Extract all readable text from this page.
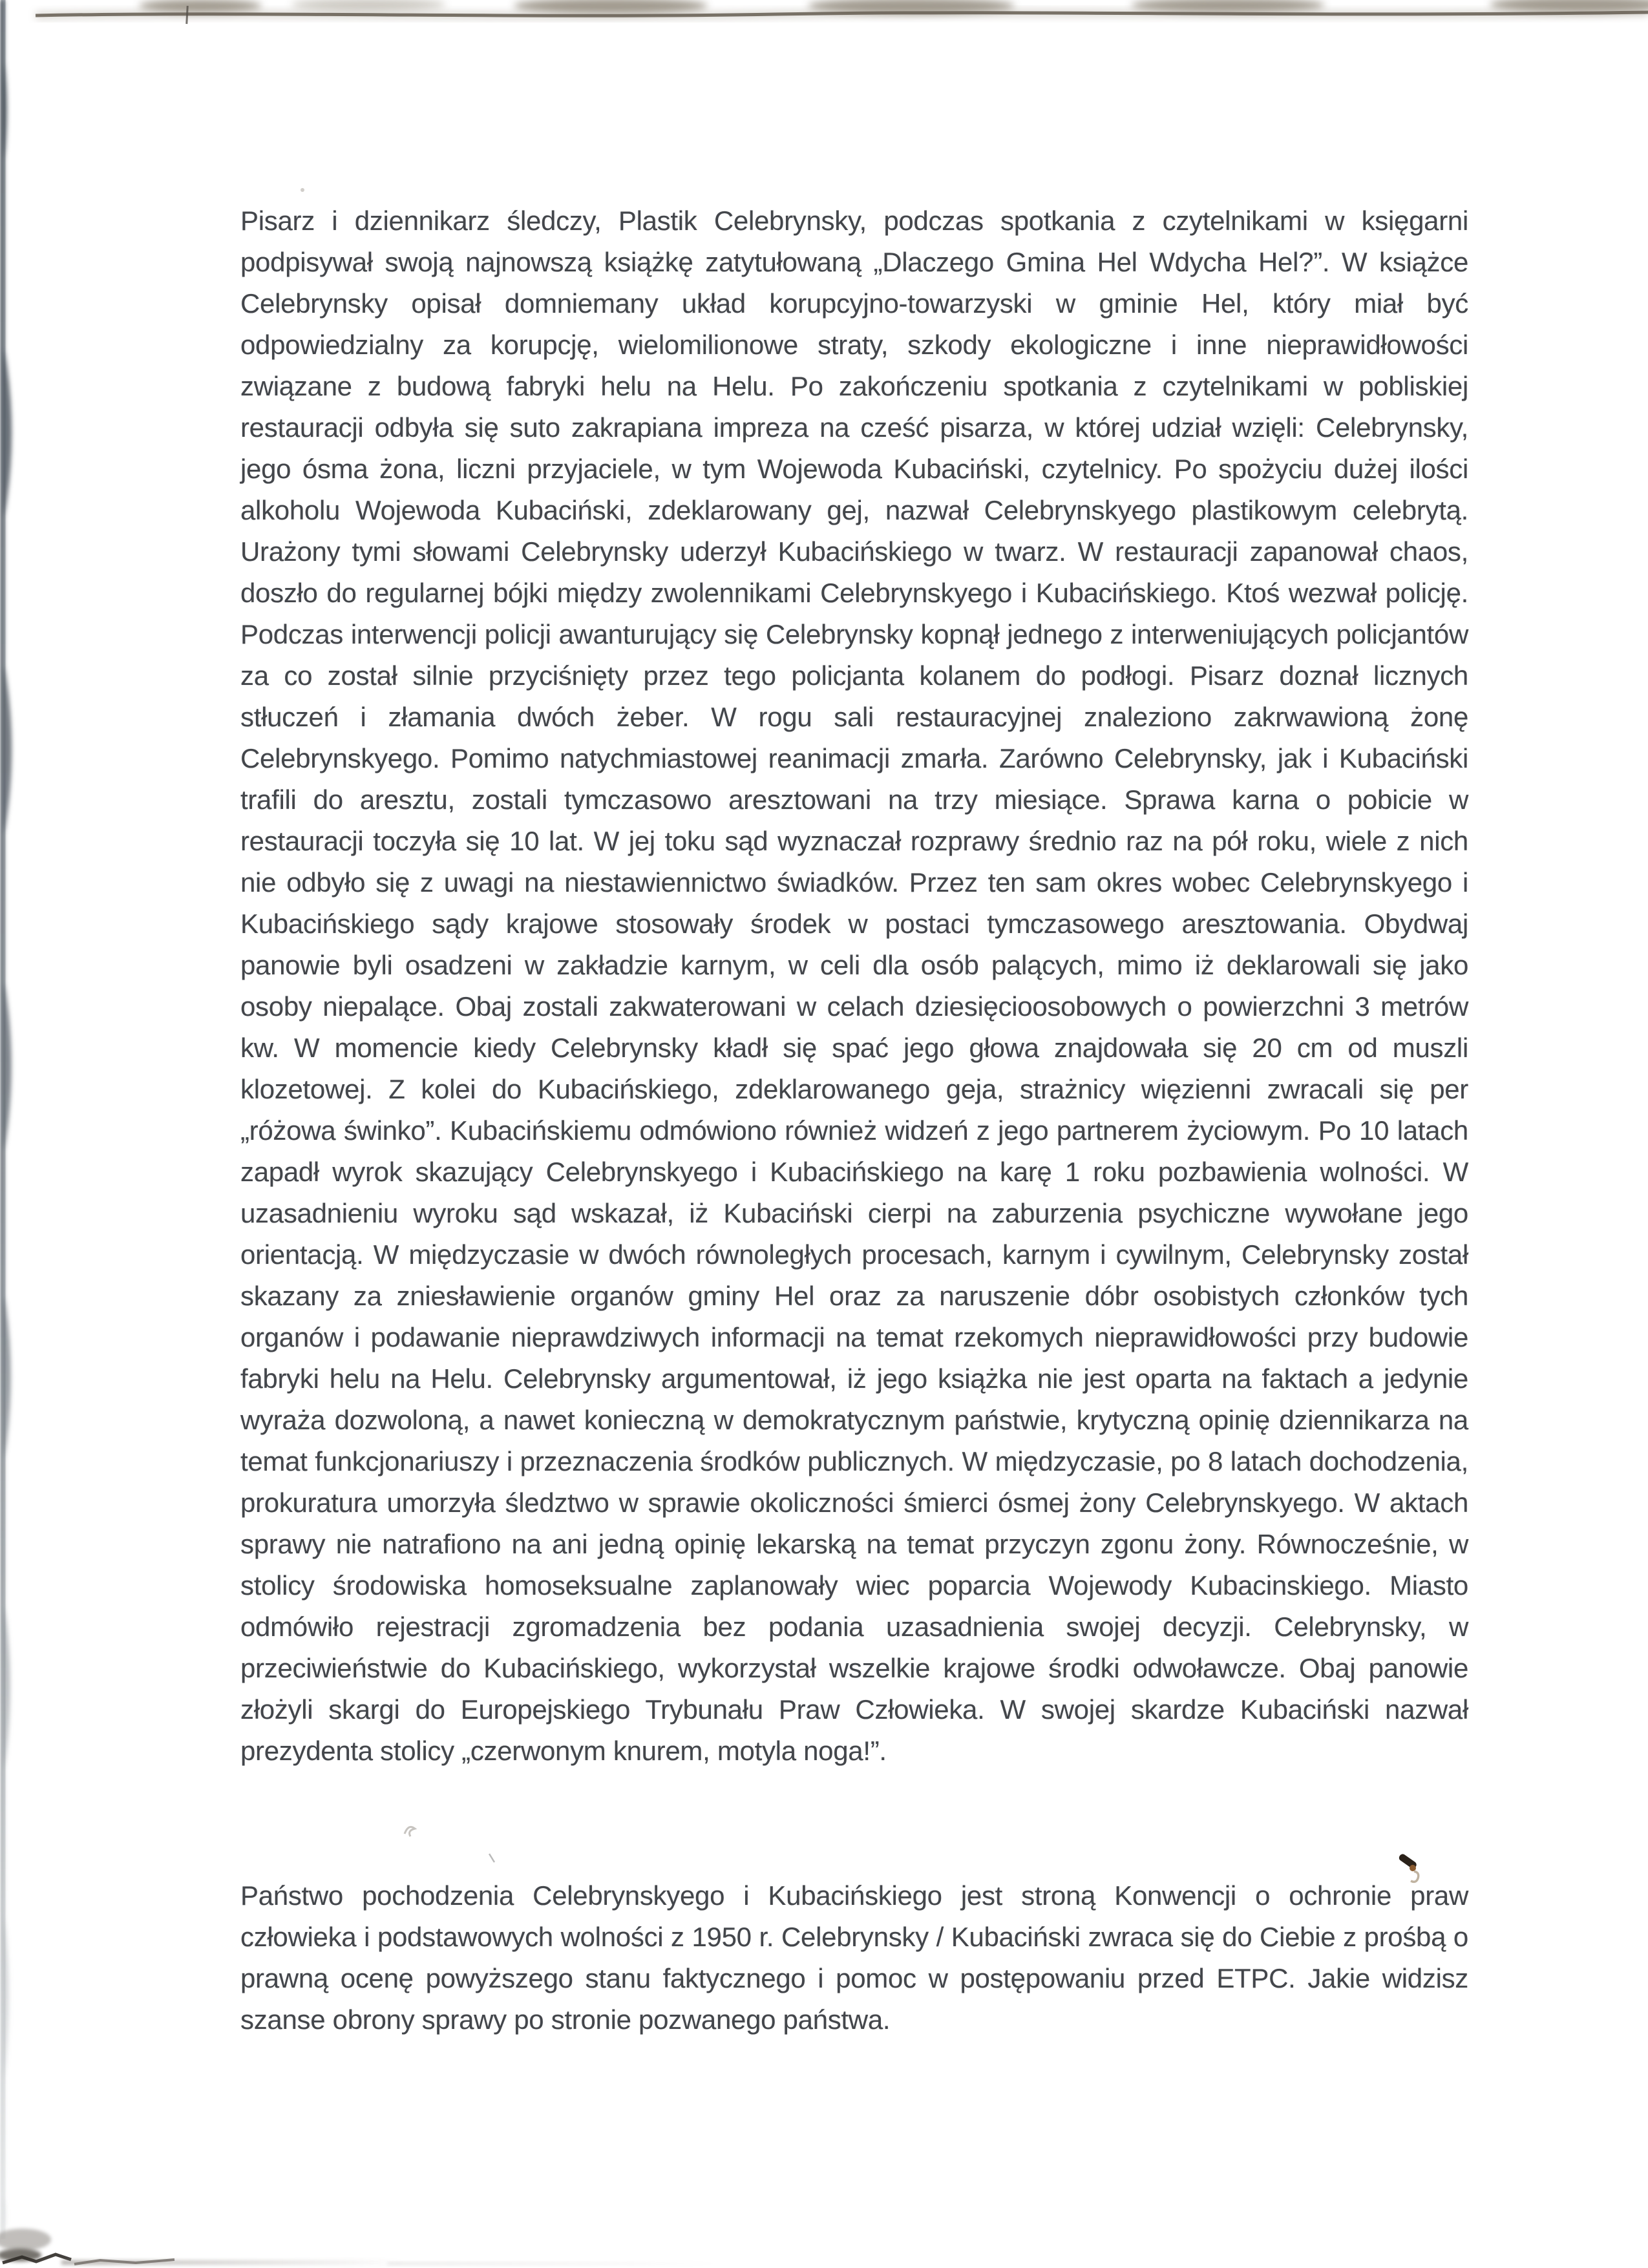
Pisarz i dziennikarz śledczy, Plastik Celebrynsky, podczas spotkania z czytelnikami w księgarni podpisywał swoją najnowszą książkę zatytułowaną „Dlaczego Gmina Hel Wdycha Hel?”. W książce Celebrynsky opisał domniemany układ korupcyjno-towarzyski w gminie Hel, który miał być odpowiedzialny za korupcję, wielomilionowe straty, szkody ekologiczne i inne nieprawidłowości związane z budową fabryki helu na Helu. Po zakończeniu spotkania z czytelnikami w pobliskiej restauracji odbyła się suto zakrapiana impreza na cześć pisarza, w której udział wzięli: Celebrynsky, jego ósma żona, liczni przyjaciele, w tym Wojewoda Kubaciński, czytelnicy. Po spożyciu dużej ilości alkoholu Wojewoda Kubaciński, zdeklarowany gej, nazwał Celebrynskyego plastikowym celebrytą. Urażony tymi słowami Celebrynsky uderzył Kubacińskiego w twarz. W restauracji zapanował chaos, doszło do regularnej bójki między zwolennikami Celebrynskyego i Kubacińskiego. Ktoś wezwał policję. Podczas interwencji policji awanturujący się Celebrynsky kopnął jednego z interweniujących policjantów za co został silnie przyciśnięty przez tego policjanta kolanem do podłogi. Pisarz doznał licznych stłuczeń i złamania dwóch żeber. W rogu sali restauracyjnej znaleziono zakrwawioną żonę Celebrynskyego. Pomimo natychmiastowej reanimacji zmarła. Zarówno Celebrynsky, jak i Kubaciński trafili do aresztu, zostali tymczasowo aresztowani na trzy miesiące. Sprawa karna o pobicie w restauracji toczyła się 10 lat. W jej toku sąd wyznaczał rozprawy średnio raz na pół roku, wiele z nich nie odbyło się z uwagi na niestawiennictwo świadków. Przez ten sam okres wobec Celebrynskyego i Kubacińskiego sądy krajowe stosowały środek w postaci tymczasowego aresztowania. Obydwaj panowie byli osadzeni w zakładzie karnym, w celi dla osób palących, mimo iż deklarowali się jako osoby niepalące. Obaj zostali zakwaterowani w celach dziesięcioosobowych o powierzchni 3 metrów kw. W momencie kiedy Celebrynsky kładł się spać jego głowa znajdowała się 20 cm od muszli klozetowej. Z kolei do Kubacińskiego, zdeklarowanego geja, strażnicy więzienni zwracali się per „różowa świnko”. Kubacińskiemu odmówiono również widzeń z jego partnerem życiowym. Po 10 latach zapadł wyrok skazujący Celebrynskyego i Kubacińskiego na karę 1 roku pozbawienia wolności. W uzasadnieniu wyroku sąd wskazał, iż Kubaciński cierpi na zaburzenia psychiczne wywołane jego orientacją. W międzyczasie w dwóch równoległych procesach, karnym i cywilnym, Celebrynsky został skazany za zniesławienie organów gminy Hel oraz za naruszenie dóbr osobistych członków tych organów i podawanie nieprawdziwych informacji na temat rzekomych nieprawidłowości przy budowie fabryki helu na Helu. Celebrynsky argumentował, iż jego książka nie jest oparta na faktach a jedynie wyraża dozwoloną, a nawet konieczną w demokratycznym państwie, krytyczną opinię dziennikarza na temat funkcjonariuszy i przeznaczenia środków publicznych. W międzyczasie, po 8 latach dochodzenia, prokuratura umorzyła śledztwo w sprawie okoliczności śmierci ósmej żony Celebrynskyego. W aktach sprawy nie natrafiono na ani jedną opinię lekarską na temat przyczyn zgonu żony. Równocześnie, w stolicy środowiska homoseksualne zaplanowały wiec poparcia Wojewody Kubacinskiego. Miasto odmówiło rejestracji zgromadzenia bez podania uzasadnienia swojej decyzji. Celebrynsky, w przeciwieństwie do Kubacińskiego, wykorzystał wszelkie krajowe środki odwoławcze. Obaj panowie złożyli skargi do Europejskiego Trybunału Praw Człowieka. W swojej skardze Kubaciński nazwał prezydenta stolicy „czerwonym knurem, motyla noga!”.

Państwo pochodzenia Celebrynskyego i Kubacińskiego jest stroną Konwencji o ochronie praw człowieka i podstawowych wolności z 1950 r. Celebrynsky / Kubaciński zwraca się do Ciebie z prośbą o prawną ocenę powyższego stanu faktycznego i pomoc w postępowaniu przed ETPC. Jakie widzisz szanse obrony sprawy po stronie pozwanego państwa.
